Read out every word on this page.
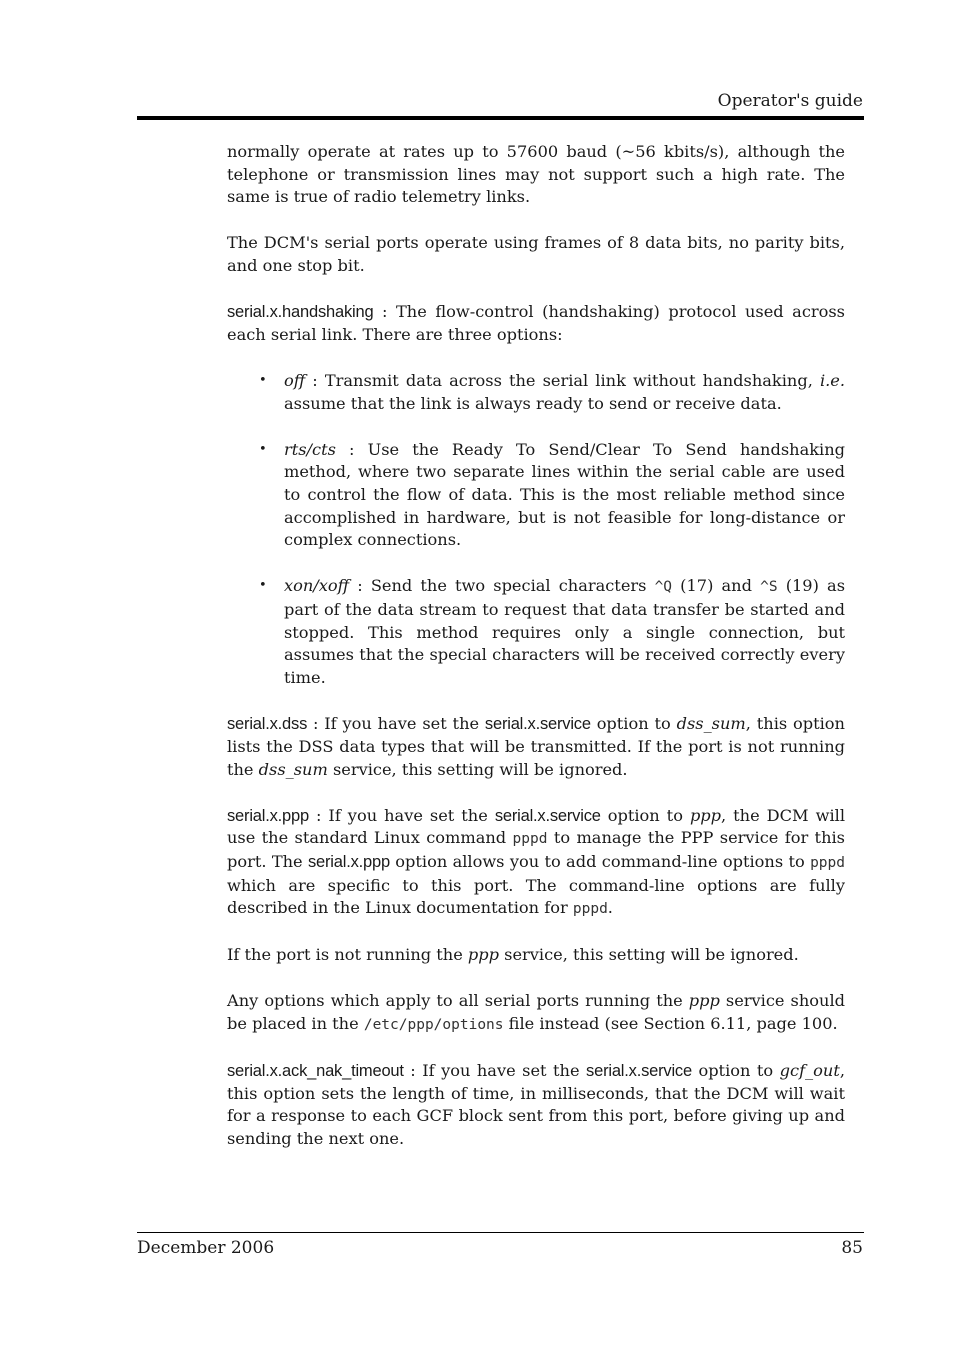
Operator's guide

normally operate at rates up to 57600 baud (~56 kbits/s), although the telephone or transmission lines may not support such a high rate. The same is true of radio telemetry links.

The DCM's serial ports operate using frames of 8 data bits, no parity bits, and one stop bit.

serial.x.handshaking : The flow-control (handshaking) protocol used across each serial link. There are three options:

• off : Transmit data across the serial link without handshaking, i.e. assume that the link is always ready to send or receive data.
• rts/cts : Use the Ready To Send/Clear To Send handshaking method, where two separate lines within the serial cable are used to control the flow of data. This is the most reliable method since accomplished in hardware, but is not feasible for long-distance or complex connections.
• xon/xoff : Send the two special characters ^Q (17) and ^S (19) as part of the data stream to request that data transfer be started and stopped. This method requires only a single connection, but assumes that the special characters will be received correctly every time.

serial.x.dss : If you have set the serial.x.service option to dss_sum, this option lists the DSS data types that will be transmitted. If the port is not running the dss_sum service, this setting will be ignored.

serial.x.ppp : If you have set the serial.x.service option to ppp, the DCM will use the standard Linux command pppd to manage the PPP service for this port. The serial.x.ppp option allows you to add command-line options to pppd which are specific to this port. The command-line options are fully described in the Linux documentation for pppd.

If the port is not running the ppp service, this setting will be ignored.

Any options which apply to all serial ports running the ppp service should be placed in the /etc/ppp/options file instead (see Section 6.11, page 100.

serial.x.ack_nak_timeout : If you have set the serial.x.service option to gcf_out, this option sets the length of time, in milliseconds, that the DCM will wait for a response to each GCF block sent from this port, before giving up and sending the next one.

December 2006	85
